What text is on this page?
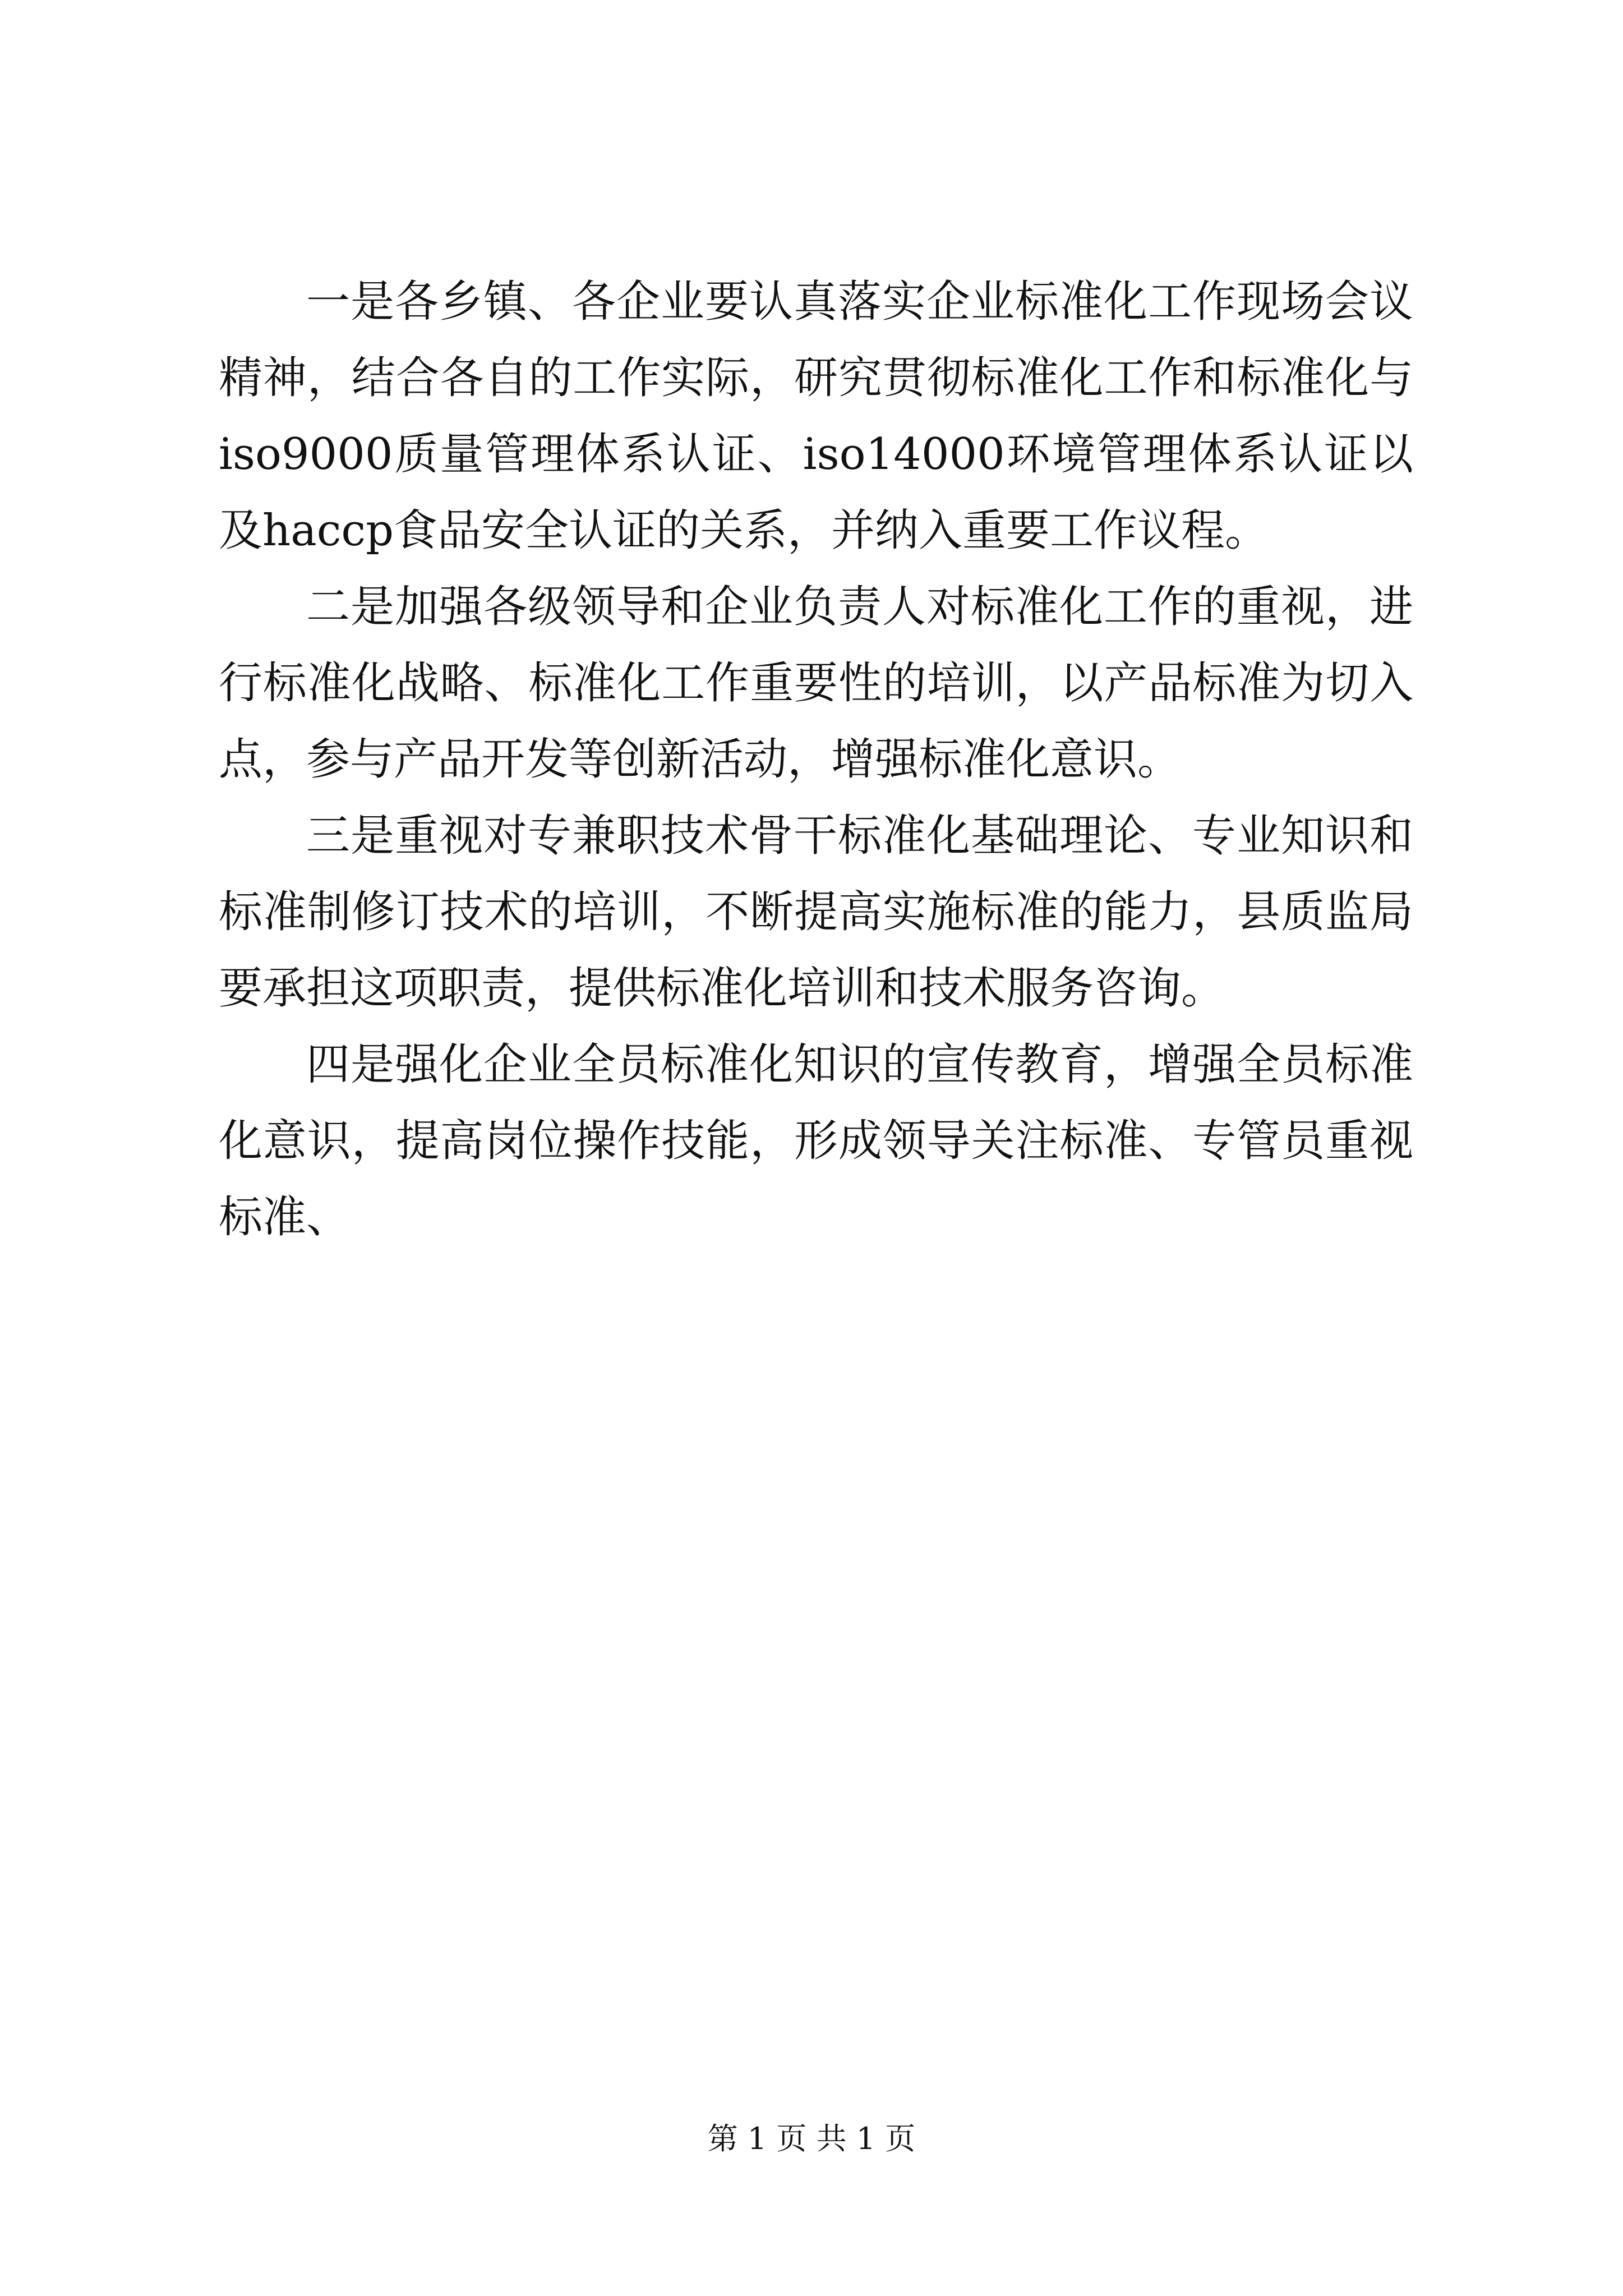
一是各乡镇、各企业要认真落实企业标准化工作现场会议精神，结合各自的工作实际，研究贯彻标准化工作和标准化与iso9000质量管理体系认证、iso14000环境管理体系认证以及haccp食品安全认证的关系，并纳入重要工作议程。

二是加强各级领导和企业负责人对标准化工作的重视，进行标准化战略、标准化工作重要性的培训，以产品标准为切入点，参与产品开发等创新活动，增强标准化意识。

三是重视对专兼职技术骨干标准化基础理论、专业知识和标准制修订技术的培训，不断提高实施标准的能力，县质监局要承担这项职责，提供标准化培训和技术服务咨询。

四是强化企业全员标准化知识的宣传教育，增强全员标准化意识，提高岗位操作技能，形成领导关注标准、专管员重视标准、

第 1 页 共 1 页
